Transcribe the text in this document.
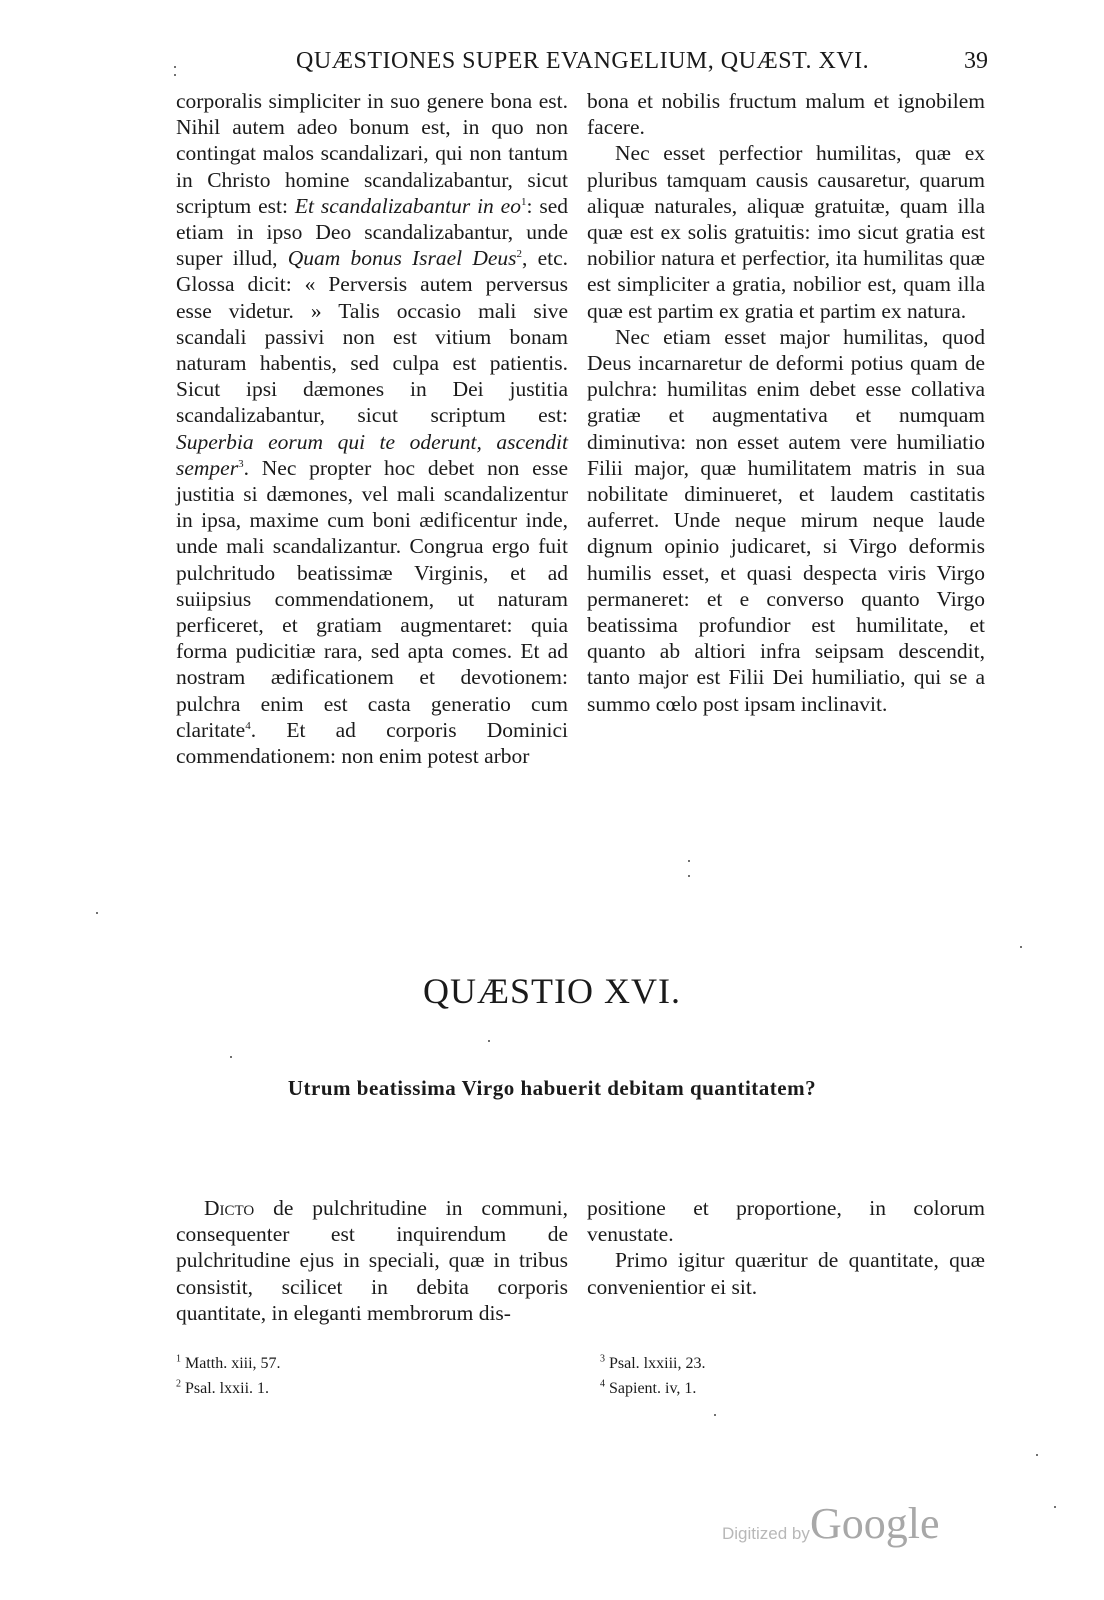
QUÆSTIONES SUPER EVANGELIUM, QUÆST. XVI.	39

corporalis simpliciter in suo genere bona est. Nihil autem adeo bonum est, in quo non contingat malos scandalizari, qui non tantum in Christo homine scandalizabantur, sicut scriptum est: Et scandalizabantur in eo$^1$: sed etiam in ipso Deo scandalizabantur, unde super illud, Quam bonus Israel Deus$^2$, etc. Glossa dicit: « Perversis autem perversus esse videtur. » Talis occasio mali sive scandali passivi non est vitium bonam naturam habentis, sed culpa est patientis. Sicut ipsi dæmones in Dei justitia scandalizabantur, sicut scriptum est: Superbia eorum qui te oderunt, ascendit semper$^3$. Nec propter hoc debet non esse justitia si dæmones, vel mali scandalizentur in ipsa, maxime cum boni ædificentur inde, unde mali scandalizantur. Congrua ergo fuit pulchritudo beatissimæ Virginis, et ad suiipsius commendationem, ut naturam perficeret, et gratiam augmentaret: quia forma pudicitiæ rara, sed apta comes. Et ad nostram ædificationem et devotionem: pulchra enim est casta generatio cum claritate$^4$. Et ad corporis Dominici commendationem: non enim potest arbor

bona et nobilis fructum malum et ignobilem facere.

Nec esset perfectior humilitas, quæ ex pluribus tamquam causis causaretur, quarum aliquæ naturales, aliquæ gratuitæ, quam illa quæ est ex solis gratuitis: imo sicut gratia est nobilior natura et perfectior, ita humilitas quæ est simpliciter a gratia, nobilior est, quam illa quæ est partim ex gratia et partim ex natura.

Nec etiam esset major humilitas, quod Deus incarnaretur de deformi potius quam de pulchra: humilitas enim debet esse collativa gratiæ et augmentativa et numquam diminutiva: non esset autem vere humiliatio Filii major, quæ humilitatem matris in sua nobilitate diminueret, et laudem castitatis auferret. Unde neque mirum neque laude dignum opinio judicaret, si Virgo deformis humilis esset, et quasi despecta viris Virgo permaneret: et e converso quanto Virgo beatissima profundior est humilitate, et quanto ab altiori infra seipsam descendit, tanto major est Filii Dei humiliatio, qui se a summo cœlo post ipsam inclinavit.

QUÆSTIO XVI.
Utrum beatissima Virgo habuerit debitam quantitatem?

Dicto de pulchritudine in communi, consequenter est inquirendum de pulchritudine ejus in speciali, quæ in tribus consistit, scilicet in debita corporis quantitate, in eleganti membrorum dis-

positione et proportione, in colorum venustate.

Primo igitur quæritur de quantitate, quæ convenientior ei sit.

$^1$ Matth. xiii, 57.
$^2$ Psal. lxxii. 1.
$^3$ Psal. lxxiii, 23.
$^4$ Sapient. iv, 1.
Digitized by Google
